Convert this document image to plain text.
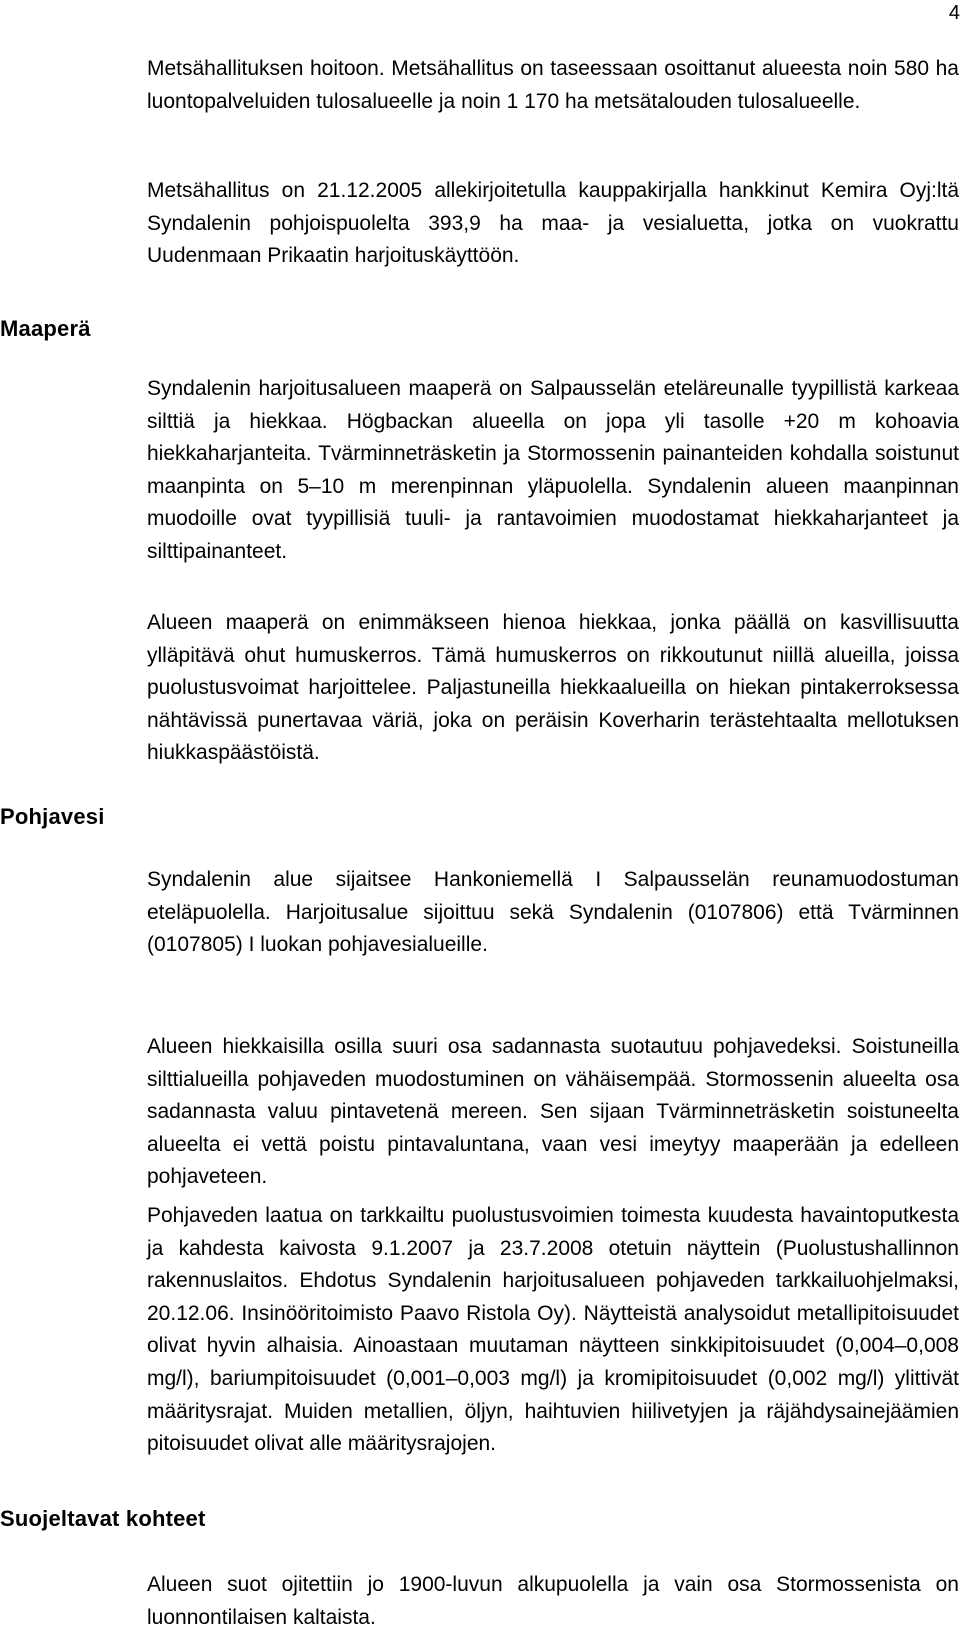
4

Metsähallituksen hoitoon. Metsähallitus on taseessaan osoittanut alueesta noin 580 ha luontopalveluiden tulosalueelle ja noin 1 170 ha metsätalouden tulosalueelle.

Metsähallitus on 21.12.2005 allekirjoitetulla kauppakirjalla hankkinut Kemira Oyj:ltä Syndalenin pohjoispuolelta 393,9 ha maa- ja vesialuetta, jotka on vuokrattu Uudenmaan Prikaatin harjoituskäyttöön.

Maaperä

Syndalenin harjoitusalueen maaperä on Salpausselän eteläreunalle tyypillistä karkeaa silttiä ja hiekkaa. Högbackan alueella on jopa yli tasolle +20 m kohoavia hiekkaharjanteita. Tvärminneträsketin ja Stormossenin painanteiden kohdalla soistunut maanpinta on 5–10 m merenpinnan yläpuolella. Syndalenin alueen maanpinnan muodoille ovat tyypillisiä tuuli- ja rantavoimien muodostamat hiekkaharjanteet ja silttipainanteet.

Alueen maaperä on enimmäkseen hienoa hiekkaa, jonka päällä on kasvillisuutta ylläpitävä ohut humuskerros. Tämä humuskerros on rikkoutunut niillä alueilla, joissa puolustusvoimat harjoittelee. Paljastuneilla hiekkaalueilla on hiekan pintakerroksessa nähtävissä punertavaa väriä, joka on peräisin Koverharin terästehtaalta mellotuksen hiukkaspäästöistä.

Pohjavesi

Syndalenin alue sijaitsee Hankoniemellä I Salpausselän reunamuodostuman eteläpuolella. Harjoitusalue sijoittuu sekä Syndalenin (0107806) että Tvärminnen (0107805) I luokan pohjavesialueille.

Alueen hiekkaisilla osilla suuri osa sadannasta suotautuu pohjavedeksi. Soistuneilla silttialueilla pohjaveden muodostuminen on vähäisempää. Stormossenin alueelta osa sadannasta valuu pintavetenä mereen. Sen sijaan Tvärminneträsketin soistuneelta alueelta ei vettä poistu pintavaluntana, vaan vesi imeytyy maaperään ja edelleen pohjaveteen.

Pohjaveden laatua on tarkkailtu puolustusvoimien toimesta kuudesta havaintoputkesta ja kahdesta kaivosta 9.1.2007 ja 23.7.2008 otetuin näyttein (Puolustushallinnon rakennuslaitos. Ehdotus Syndalenin harjoitusalueen pohjaveden tarkkailuohjelmaksi, 20.12.06. Insinööritoimisto Paavo Ristola Oy). Näytteistä analysoidut metallipitoisuudet olivat hyvin alhaisia. Ainoastaan muutaman näytteen sinkkipitoisuudet (0,004–0,008 mg/l), bariumpitoisuudet (0,001–0,003 mg/l) ja kromipitoisuudet (0,002 mg/l) ylittivät määritysrajat. Muiden metallien, öljyn, haihtuvien hiilivetyjen ja räjähdysainejäämien pitoisuudet olivat alle määritysrajojen.

Suojeltavat kohteet

Alueen suot ojitettiin jo 1900-luvun alkupuolella ja vain osa Stormossenista on luonnontilaisen kaltaista.
